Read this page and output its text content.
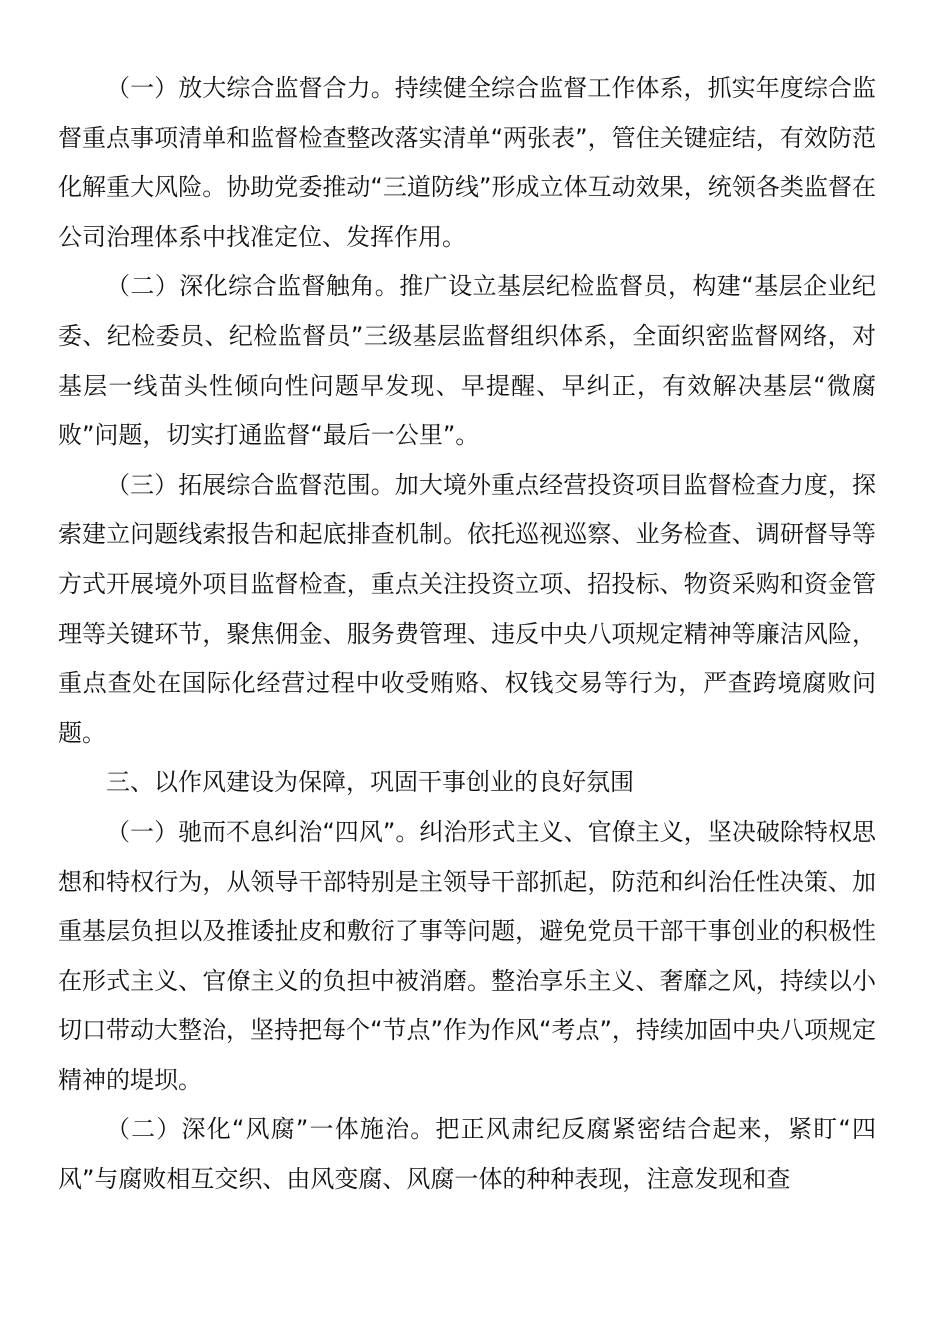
（一）放大综合监督合力。持续健全综合监督工作体系，抓实年度综合监督重点事项清单和监督检查整改落实清单“两张表”，管住关键症结，有效防范化解重大风险。协助党委推动“三道防线”形成立体互动效果，统领各类监督在公司治理体系中找准定位、发挥作用。

（二）深化综合监督触角。推广设立基层纪检监督员，构建“基层企业纪委、纪检委员、纪检监督员”三级基层监督组织体系，全面织密监督网络，对基层一线苗头性倾向性问题早发现、早提醒、早纠正，有效解决基层“微腐败”问题，切实打通监督“最后一公里”。

（三）拓展综合监督范围。加大境外重点经营投资项目监督检查力度，探索建立问题线索报告和起底排查机制。依托巡视巡察、业务检查、调研督导等方式开展境外项目监督检查，重点关注投资立项、招投标、物资采购和资金管理等关键环节，聚焦佣金、服务费管理、违反中央八项规定精神等廉洁风险，重点查处在国际化经营过程中收受贿赂、权钱交易等行为，严查跨境腐败问题。

三、以作风建设为保障，巩固干事创业的良好氛围

（一）驰而不息纠治“四风”。纠治形式主义、官僚主义，坚决破除特权思想和特权行为，从领导干部特别是主领导干部抓起，防范和纠治任性决策、加重基层负担以及推诿扯皮和敷衍了事等问题，避免党员干部干事创业的积极性在形式主义、官僚主义的负担中被消磨。整治享乐主义、奢靡之风，持续以小切口带动大整治，坚持把每个“节点”作为作风“考点”，持续加固中央八项规定精神的堤坝。

（二）深化“风腐”一体施治。把正风肃纪反腐紧密结合起来，紧盯“四风”与腐败相互交织、由风变腐、风腐一体的种种表现，注意发现和查
